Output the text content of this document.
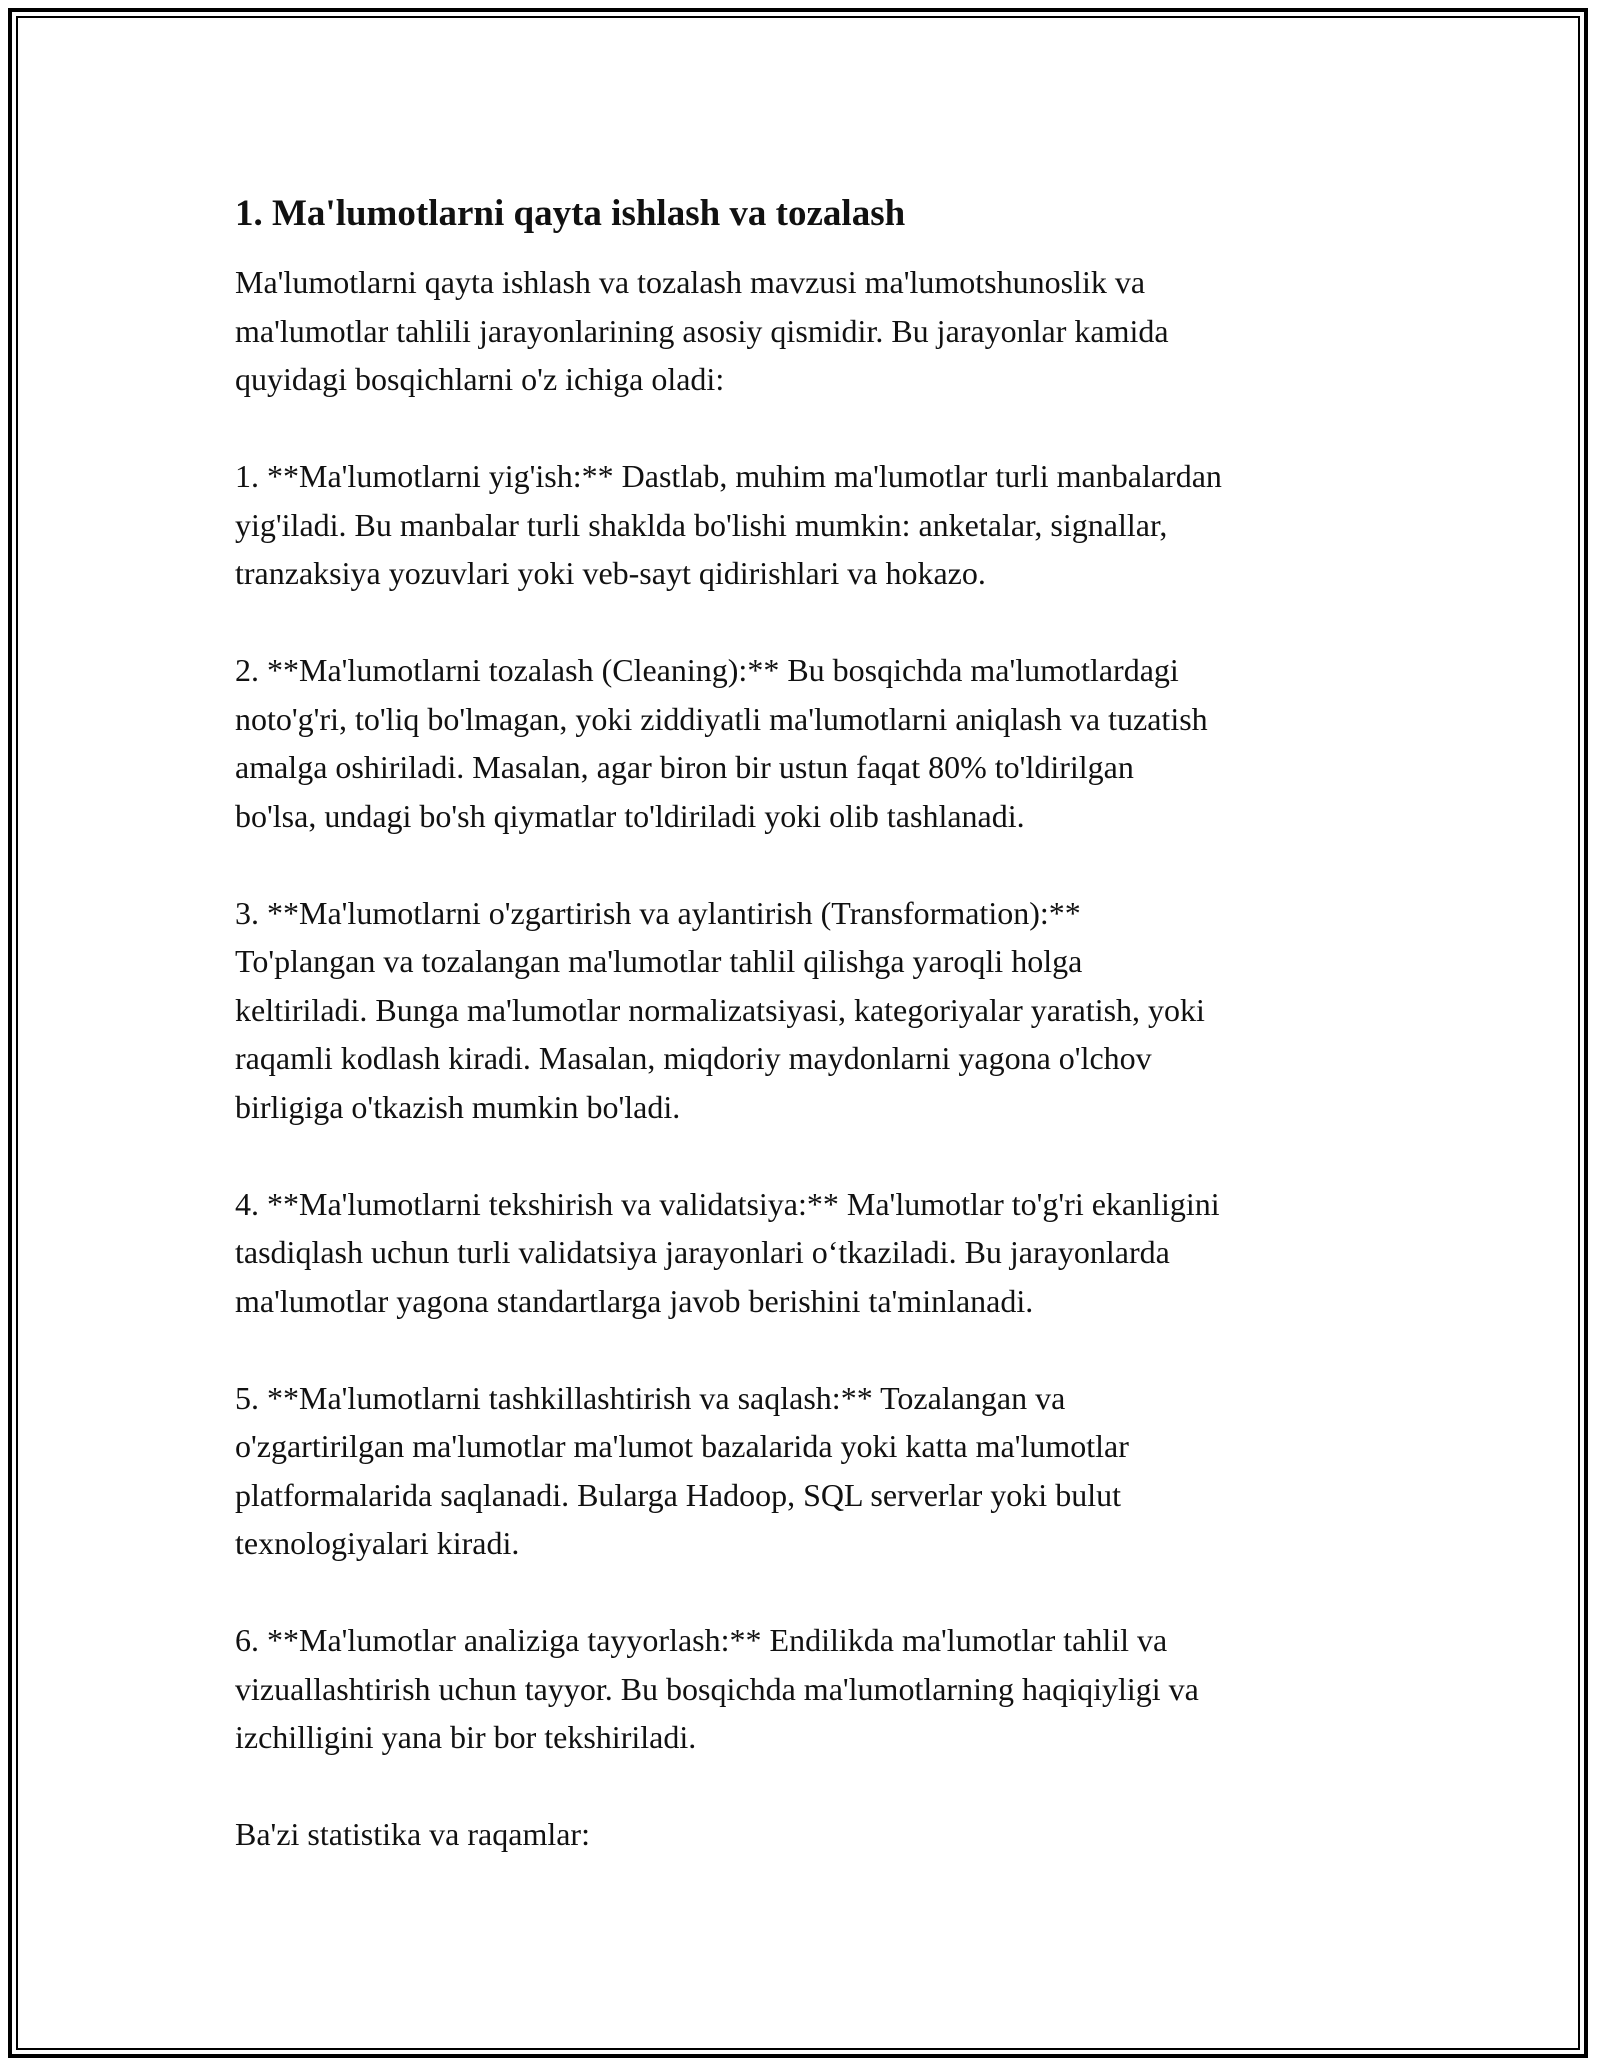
1. Ma'lumotlarni qayta ishlash va tozalash

Ma'lumotlarni qayta ishlash va tozalash mavzusi ma'lumotshunoslik va
ma'lumotlar tahlili jarayonlarining asosiy qismidir. Bu jarayonlar kamida
quyidagi bosqichlarni o'z ichiga oladi:

1. **Ma'lumotlarni yig'ish:** Dastlab, muhim ma'lumotlar turli manbalardan
yig'iladi. Bu manbalar turli shaklda bo'lishi mumkin: anketalar, signallar,
tranzaksiya yozuvlari yoki veb-sayt qidirishlari va hokazo.

2. **Ma'lumotlarni tozalash (Cleaning):** Bu bosqichda ma'lumotlardagi
noto'g'ri, to'liq bo'lmagan, yoki ziddiyatli ma'lumotlarni aniqlash va tuzatish
amalga oshiriladi. Masalan, agar biron bir ustun faqat 80% to'ldirilgan
bo'lsa, undagi bo'sh qiymatlar to'ldiriladi yoki olib tashlanadi.

3. **Ma'lumotlarni o'zgartirish va aylantirish (Transformation):**
To'plangan va tozalangan ma'lumotlar tahlil qilishga yaroqli holga
keltiriladi. Bunga ma'lumotlar normalizatsiyasi, kategoriyalar yaratish, yoki
raqamli kodlash kiradi. Masalan, miqdoriy maydonlarni yagona o'lchov
birligiga o'tkazish mumkin bo'ladi.

4. **Ma'lumotlarni tekshirish va validatsiya:** Ma'lumotlar to'g'ri ekanligini
tasdiqlash uchun turli validatsiya jarayonlari o‘tkaziladi. Bu jarayonlarda
ma'lumotlar yagona standartlarga javob berishini ta'minlanadi.

5. **Ma'lumotlarni tashkillashtirish va saqlash:** Tozalangan va
o'zgartirilgan ma'lumotlar ma'lumot bazalarida yoki katta ma'lumotlar
platformalarida saqlanadi. Bularga Hadoop, SQL serverlar yoki bulut
texnologiyalari kiradi.

6. **Ma'lumotlar analiziga tayyorlash:** Endilikda ma'lumotlar tahlil va
vizuallashtirish uchun tayyor. Bu bosqichda ma'lumotlarning haqiqiyligi va
izchilligini yana bir bor tekshiriladi.

Ba'zi statistika va raqamlar:
